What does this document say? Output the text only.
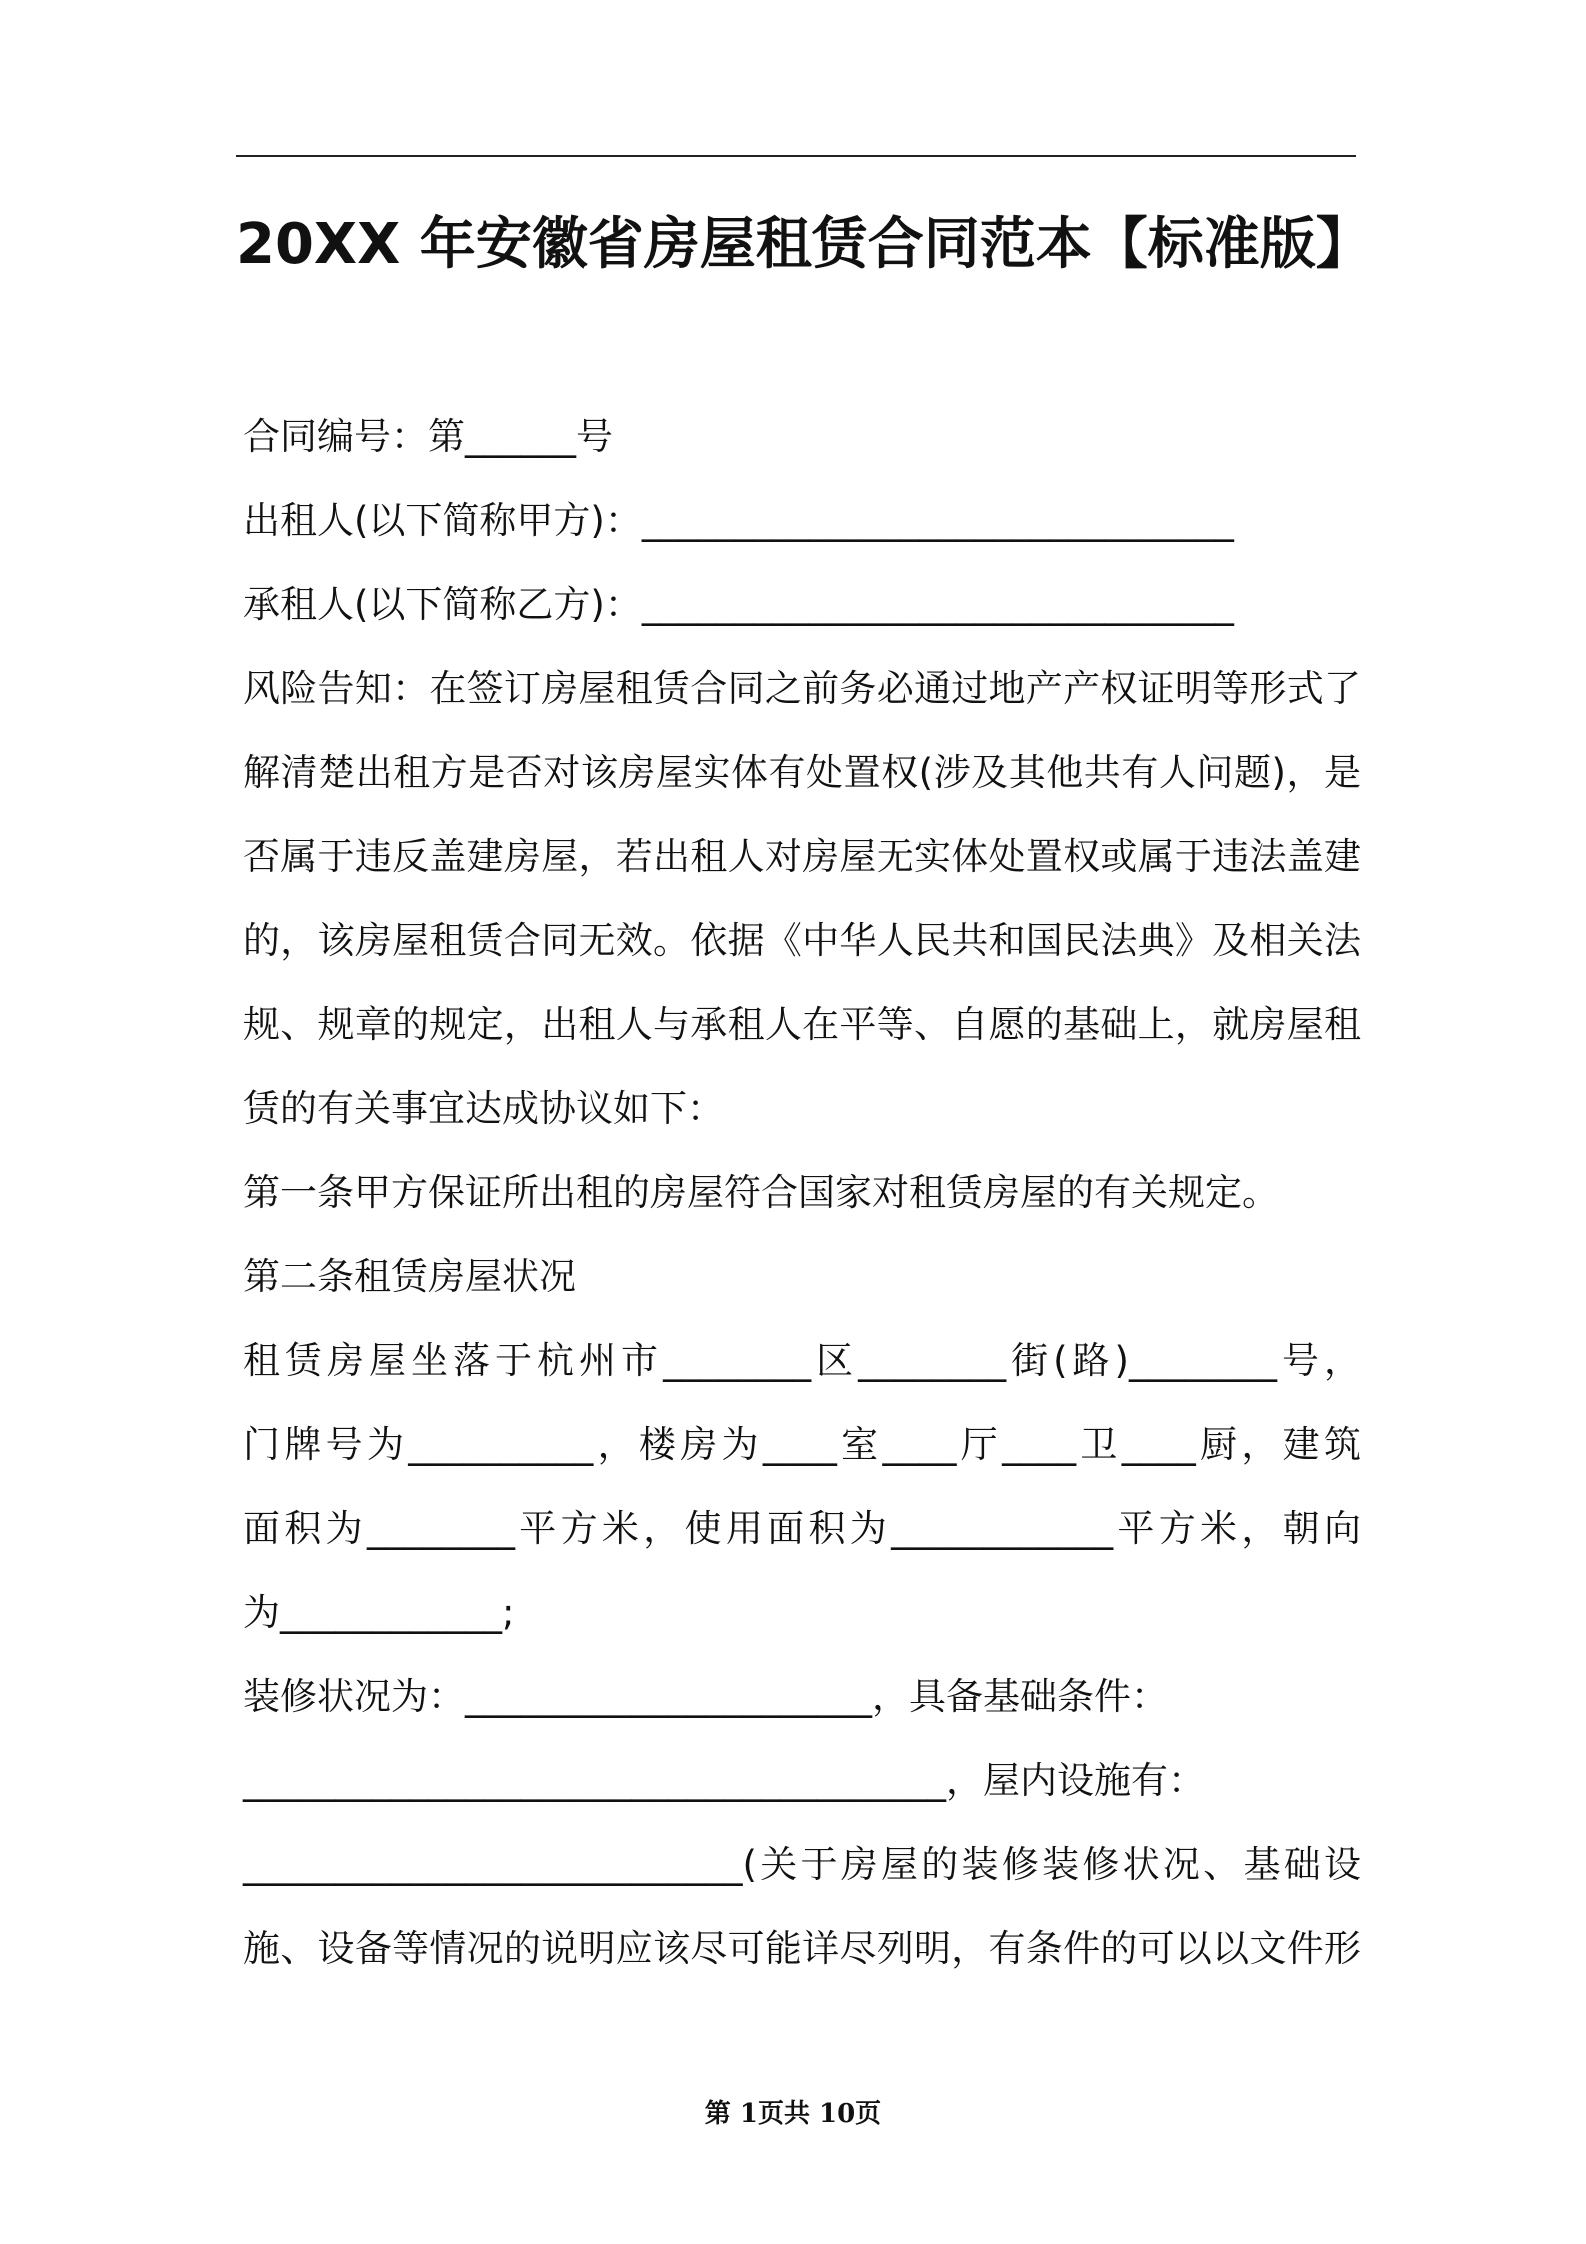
20XX 年安徽省房屋租赁合同范本【标准版】
合同编号：第______号
出租人(以下简称甲方)：________________________________
承租人(以下简称乙方)：________________________________
风险告知：在签订房屋租赁合同之前务必通过地产产权证明等形式了
解清楚出租方是否对该房屋实体有处置权(涉及其他共有人问题)，是
否属于违反盖建房屋，若出租人对房屋无实体处置权或属于违法盖建
的，该房屋租赁合同无效。依据《中华人民共和国民法典》及相关法
规、规章的规定，出租人与承租人在平等、自愿的基础上，就房屋租
赁的有关事宜达成协议如下：
第一条甲方保证所出租的房屋符合国家对租赁房屋的有关规定。
第二条租赁房屋状况
租赁房屋坐落于杭州市________区________街(路)________号，
门牌号为__________，楼房为____室____厅____卫____厨，建筑
面积为________平方米，使用面积为____________平方米，朝向
为____________;
装修状况为：______________________，具备基础条件：
______________________________________，屋内设施有：
___________________________(关于房屋的装修装修状况、基础设
施、设备等情况的说明应该尽可能详尽列明，有条件的可以以文件形
第 1页共 10页
